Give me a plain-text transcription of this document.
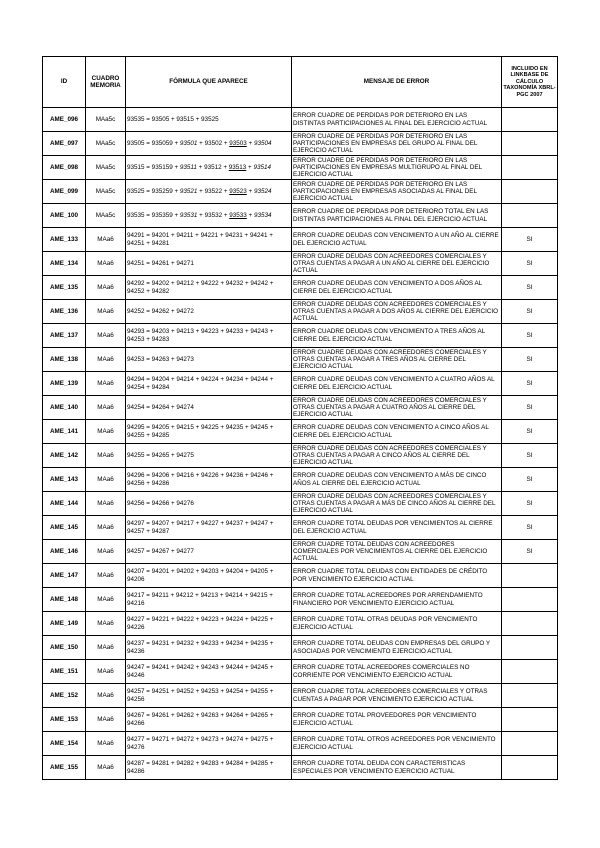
ID	CUADRO MEMORIA	FÓRMULA QUE APARECE	MENSAJE DE ERROR	INCLUIDO EN LINKBASE DE CÁLCULO TAXONOMÍA XBRL-PGC 2007
AME_096	MAa5c	93535 = 93505 + 93515 + 93525	ERROR CUADRE DE PERDIDAS POR DETERIORO EN LAS DISTINTAS PARTICIPACIONES AL FINAL DEL EJERCICIO ACTUAL	
AME_097	MAa5c	93505 = 935059 + 93501 + 93502 + 93503 + 93504	ERROR CUADRE DE PERDIDAS POR DETERIORO EN LAS PARTICIPACIONES EN EMPRESAS DEL GRUPO AL FINAL DEL EJERCICIO ACTUAL	
AME_098	MAa5c	93515 = 935159 + 93511 + 93512 + 93513 + 93514	ERROR CUADRE DE PERDIDAS POR DETERIORO EN LAS PARTICIPACIONES EN EMPRESAS MULTIGRUPO AL FINAL DEL EJERCICIO ACTUAL	
AME_099	MAa5c	93525 = 935259 + 93521 + 93522 + 93523 + 93524	ERROR CUADRE DE PERDIDAS POR DETERIORO EN LAS PARTICIPACIONES EN EMPRESAS ASOCIADAS AL FINAL DEL EJERCICIO ACTUAL	
AME_100	MAa5c	93535 = 935359 + 93531 + 93532 + 93533 + 93534	ERROR CUADRE DE PERDIDAS POR DETERIORO TOTAL EN LAS DISTINTAS PARTICIPACIONES AL FINAL DEL EJERCICIO ACTUAL	
AME_133	MAa6	94291 = 94201 + 94211 + 94221 + 94231 + 94241 + 94251 + 94281	ERROR CUADRE DEUDAS CON VENCIMIENTO A UN AÑO AL CIERRE DEL EJERCICIO ACTUAL	SI
AME_134	MAa6	94251 = 94261 + 94271	ERROR CUADRE DEUDAS CON ACREEDORES COMERCIALES Y OTRAS CUENTAS A PAGAR A UN AÑO AL CIERRE DEL EJERCICIO ACTUAL	SI
AME_135	MAa6	94292 = 94202 + 94212 + 94222 + 94232 + 94242 + 94252 + 94282	ERROR CUADRE DEUDAS CON VENCIMIENTO A DOS AÑOS AL CIERRE DEL EJERCICIO ACTUAL	SI
AME_136	MAa6	94252 = 94262 + 94272	ERROR CUADRE DEUDAS CON ACREEDORES COMERCIALES Y OTRAS CUENTAS A PAGAR A DOS AÑOS AL CIERRE DEL EJERCICIO ACTUAL	SI
AME_137	MAa6	94293 = 94203 + 94213 + 94223 + 94233 + 94243 + 94253 + 94283	ERROR CUADRE DEUDAS CON VENCIMIENTO A TRES AÑOS AL CIERRE DEL EJERCICIO ACTUAL	SI
AME_138	MAa6	94253 = 94263 + 94273	ERROR CUADRE DEUDAS CON ACREEDORES COMERCIALES Y OTRAS CUENTAS A PAGAR A TRES AÑOS AL CIERRE DEL EJERCICIO ACTUAL	SI
AME_139	MAa6	94294 = 94204 + 94214 + 94224 + 94234 + 94244 + 94254 + 94284	ERROR CUADRE DEUDAS CON VENCIMIENTO A CUATRO AÑOS AL CIERRE DEL EJERCICIO ACTUAL	SI
AME_140	MAa6	94254 = 94264 + 94274	ERROR CUADRE DEUDAS CON ACREEDORES COMERCIALES Y OTRAS CUENTAS A PAGAR A CUATRO AÑOS AL CIERRE DEL EJERCICIO ACTUAL	SI
AME_141	MAa6	94295 = 94205 + 94215 + 94225 + 94235 + 94245 + 94255 + 94285	ERROR CUADRE DEUDAS CON VENCIMIENTO A CINCO AÑOS AL CIERRE DEL EJERCICIO ACTUAL	SI
AME_142	MAa6	94255 = 94265 + 94275	ERROR CUADRE DEUDAS CON ACREEDORES COMERCIALES Y OTRAS CUENTAS A PAGAR A CINCO AÑOS AL CIERRE DEL EJERCICIO ACTUAL	SI
AME_143	MAa6	94296 = 94206 + 94216 + 94226 + 94236 + 94246 + 94256 + 94286	ERROR CUADRE DEUDAS CON VENCIMIENTO A MÁS DE CINCO AÑOS AL CIERRE DEL EJERCICIO ACTUAL	SI
AME_144	MAa6	94256 = 94266 + 94276	ERROR CUADRE DEUDAS CON ACREEDORES COMERCIALES Y OTRAS CUENTAS A PAGAR A MÁS DE CINCO AÑOS AL CIERRE DEL EJERCICIO ACTUAL	SI
AME_145	MAa6	94297 = 94207 + 94217 + 94227 + 94237 + 94247 + 94257 + 94287	ERROR CUADRE TOTAL DEUDAS POR VENCIMIENTOS AL CIERRE DEL EJERCICIO ACTUAL	SI
AME_146	MAa6	94257 = 94267 + 94277	ERROR CUADRE TOTAL DEUDAS CON ACREEDORES COMERCIALES POR VENCIMIENTOS AL CIERRE DEL EJERCICIO ACTUAL	SI
AME_147	MAa6	94207 = 94201 + 94202 + 94203 + 94204 + 94205 + 94206	ERROR CUADRE TOTAL DEUDAS CON ENTIDADES DE CRÉDITO POR VENCIMIENTO EJERCICIO ACTUAL	
AME_148	MAa6	94217 = 94211 + 94212 + 94213 + 94214 + 94215 + 94216	ERROR CUADRE TOTAL ACREEDORES POR ARRENDAMIENTO FINANCIERO POR VENCIMIENTO EJERCICIO ACTUAL	
AME_149	MAa6	94227 = 94221 + 94222 + 94223 + 94224 + 94225 + 94226	ERROR CUADRE TOTAL OTRAS DEUDAS POR VENCIMIENTO EJERCICIO ACTUAL	
AME_150	MAa6	94237 = 94231 + 94232 + 94233 + 94234 + 94235 + 94236	ERROR CUADRE TOTAL DEUDAS CON EMPRESAS DEL GRUPO Y ASOCIADAS POR VENCIMIENTO EJERCICIO ACTUAL	
AME_151	MAa6	94247 = 94241 + 94242 + 94243 + 94244 + 94245 + 94246	ERROR CUADRE TOTAL ACREEDORES COMERCIALES NO CORRIENTE POR VENCIMIENTO EJERCICIO ACTUAL	
AME_152	MAa6	94257 = 94251 + 94252 + 94253 + 94254 + 94255 + 94256	ERROR CUADRE TOTAL ACREEDORES COMERCIALES Y OTRAS CUENTAS A PAGAR POR VENCIMIENTO EJERCICIO ACTUAL	
AME_153	MAa6	94267 = 94261 + 94262 + 94263 + 94264 + 94265 + 94266	ERROR CUADRE TOTAL PROVEEDORES POR VENCIMIENTO EJERCICIO ACTUAL	
AME_154	MAa6	94277 = 94271 + 94272 + 94273 + 94274 + 94275 + 94276	ERROR CUADRE TOTAL OTROS ACREEDORES POR VENCIMIENTO EJERCICIO ACTUAL	
AME_155	MAa6	94287 = 94281 + 94282 + 94283 + 94284 + 94285 + 94286	ERROR CUADRE TOTAL DEUDA CON CARACTERISTICAS ESPECIALES POR VENCIMIENTO EJERCICIO ACTUAL	
